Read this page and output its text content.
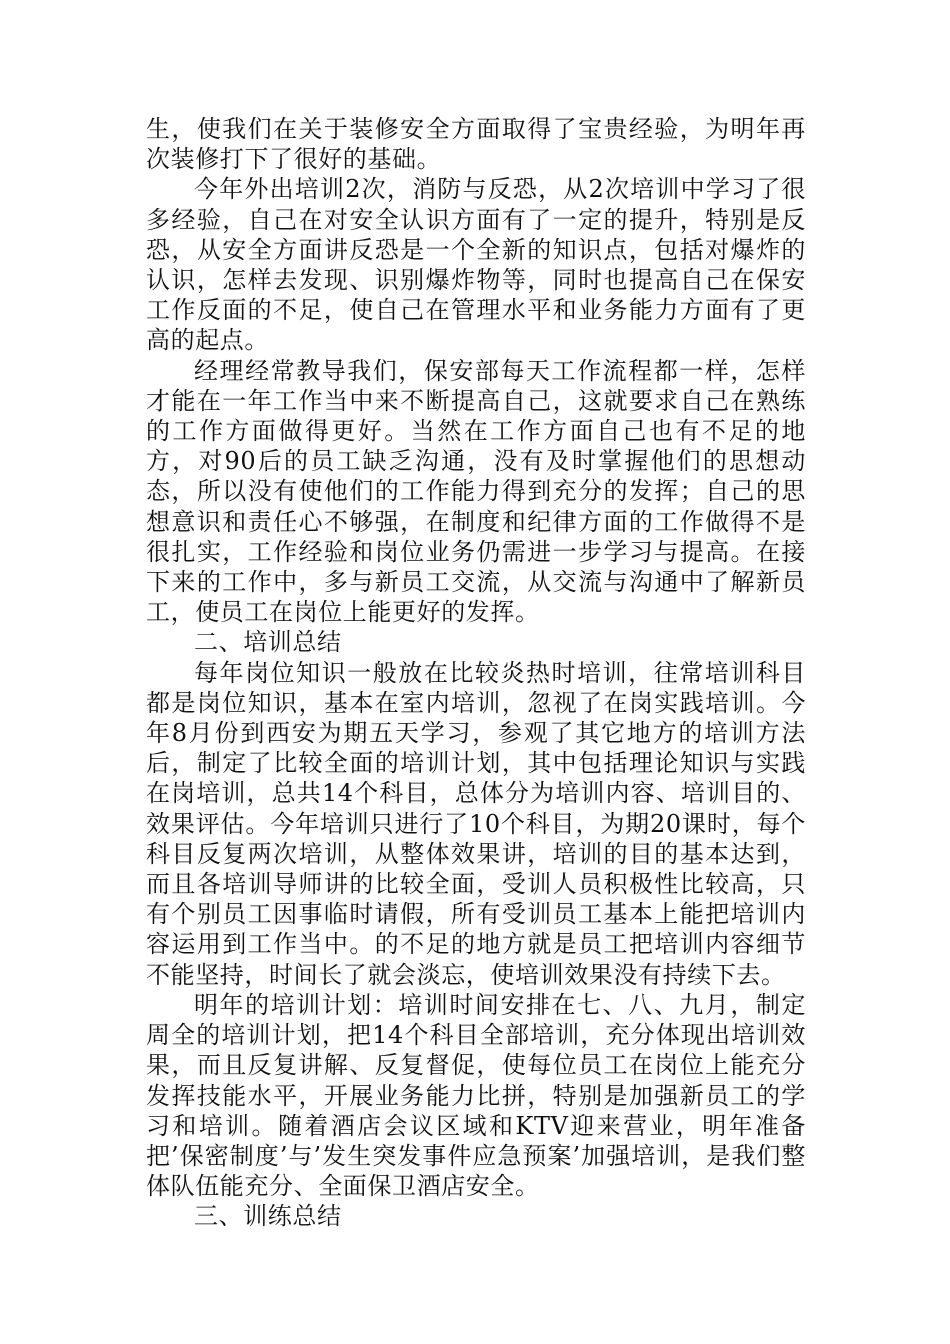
生，使我们在关于装修安全方面取得了宝贵经验，为明年再次装修打下了很好的基础。

今年外出培训2次，消防与反恐，从2次培训中学习了很多经验，自己在对安全认识方面有了一定的提升，特别是反恐，从安全方面讲反恐是一个全新的知识点，包括对爆炸的认识，怎样去发现、识别爆炸物等，同时也提高自己在保安工作反面的不足，使自己在管理水平和业务能力方面有了更高的起点。

经理经常教导我们，保安部每天工作流程都一样，怎样才能在一年工作当中来不断提高自己，这就要求自己在熟练的工作方面做得更好。当然在工作方面自己也有不足的地方，对90后的员工缺乏沟通，没有及时掌握他们的思想动态，所以没有使他们的工作能力得到充分的发挥；自己的思想意识和责任心不够强，在制度和纪律方面的工作做得不是很扎实，工作经验和岗位业务仍需进一步学习与提高。在接下来的工作中，多与新员工交流，从交流与沟通中了解新员工，使员工在岗位上能更好的发挥。

二、培训总结

每年岗位知识一般放在比较炎热时培训，往常培训科目都是岗位知识，基本在室内培训，忽视了在岗实践培训。今年8月份到西安为期五天学习，参观了其它地方的培训方法后，制定了比较全面的培训计划，其中包括理论知识与实践在岗培训，总共14个科目，总体分为培训内容、培训目的、效果评估。今年培训只进行了10个科目，为期20课时，每个科目反复两次培训，从整体效果讲，培训的目的基本达到，而且各培训导师讲的比较全面，受训人员积极性比较高，只有个别员工因事临时请假，所有受训员工基本上能把培训内容运用到工作当中。的不足的地方就是员工把培训内容细节不能坚持，时间长了就会淡忘，使培训效果没有持续下去。

明年的培训计划：培训时间安排在七、八、九月，制定周全的培训计划，把14个科目全部培训，充分体现出培训效果，而且反复讲解、反复督促，使每位员工在岗位上能充分发挥技能水平，开展业务能力比拼，特别是加强新员工的学习和培训。随着酒店会议区域和KTV迎来营业，明年准备把’保密制度’与’发生突发事件应急预案’加强培训，是我们整体队伍能充分、全面保卫酒店安全。

三、训练总结
